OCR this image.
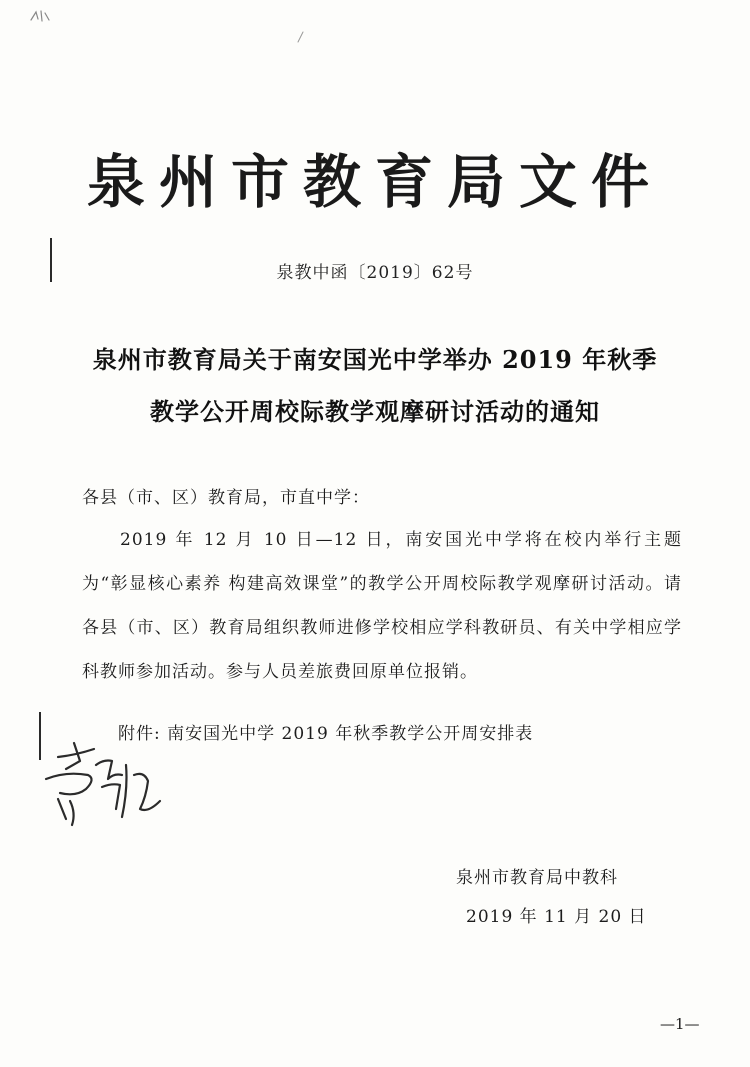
泉州市教育局文件
泉教中函〔2019〕62号
泉州市教育局关于南安国光中学举办 2019 年秋季
教学公开周校际教学观摩研讨活动的通知
各县（市、区）教育局，市直中学：
2019 年 12 月 10 日—12 日，南安国光中学将在校内举行主题为“彰显核心素养 构建高效课堂”的教学公开周校际教学观摩研讨活动。请各县（市、区）教育局组织教师进修学校相应学科教研员、有关中学相应学科教师参加活动。参与人员差旅费回原单位报销。
附件: 南安国光中学 2019 年秋季教学公开周安排表
泉州市教育局中教科
2019 年 11 月 20 日
—1—
